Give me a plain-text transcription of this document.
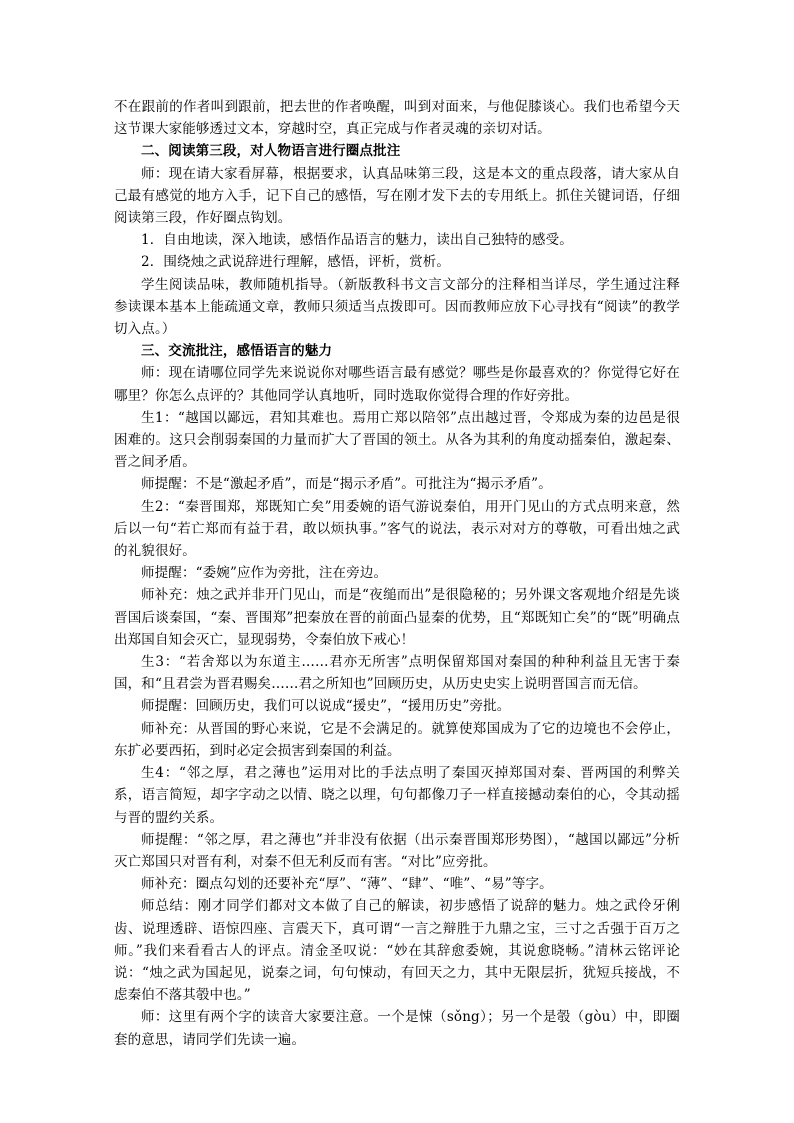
不在跟前的作者叫到跟前，把去世的作者唤醒，叫到对面来，与他促膝谈心。我们也希望今天这节课大家能够透过文本，穿越时空，真正完成与作者灵魂的亲切对话。

二、阅读第三段，对人物语言进行圈点批注

师：现在请大家看屏幕，根据要求，认真品味第三段，这是本文的重点段落，请大家从自己最有感觉的地方入手，记下自己的感悟，写在刚才发下去的专用纸上。抓住关键词语，仔细阅读第三段，作好圈点钩划。

1．自由地读，深入地读，感悟作品语言的魅力，读出自己独特的感受。

2．围绕烛之武说辞进行理解，感悟，评析，赏析。

学生阅读品味，教师随机指导。（新版教科书文言文部分的注释相当详尽，学生通过注释参读课本基本上能疏通文章，教师只须适当点拨即可。因而教师应放下心寻找有“阅读”的教学切入点。）

三、交流批注，感悟语言的魅力

师：现在请哪位同学先来说说你对哪些语言最有感觉？哪些是你最喜欢的？你觉得它好在哪里？你怎么点评的？其他同学认真地听，同时选取你觉得合理的作好旁批。

生1：“越国以鄙远，君知其难也。焉用亡郑以陪邻”点出越过晋，令郑成为秦的边邑是很困难的。这只会削弱秦国的力量而扩大了晋国的领土。从各为其利的角度动摇秦伯，激起秦、晋之间矛盾。

师提醒：不是“激起矛盾”，而是“揭示矛盾”。可批注为“揭示矛盾”。

生2：“秦晋围郑，郑既知亡矣”用委婉的语气游说秦伯，用开门见山的方式点明来意，然后以一句“若亡郑而有益于君，敢以烦执事。”客气的说法，表示对对方的尊敬，可看出烛之武的礼貌很好。

师提醒：“委婉”应作为旁批，注在旁边。

师补充：烛之武并非开门见山，而是“夜缒而出”是很隐秘的；另外课文客观地介绍是先谈晋国后谈秦国，“秦、晋围郑”把秦放在晋的前面凸显秦的优势，且“郑既知亡矣”的“既”明确点出郑国自知会灭亡，显现弱势，令秦伯放下戒心！

生3：“若舍郑以为东道主……君亦无所害”点明保留郑国对秦国的种种利益且无害于秦国，和“且君尝为晋君赐矣……君之所知也”回顾历史，从历史史实上说明晋国言而无信。

师提醒：回顾历史，我们可以说成“援史”，“援用历史”旁批。

师补充：从晋国的野心来说，它是不会满足的。就算使郑国成为了它的边境也不会停止，东扩必要西拓，到时必定会损害到秦国的利益。

生4：“邻之厚，君之薄也”运用对比的手法点明了秦国灭掉郑国对秦、晋两国的利弊关系，语言简短，却字字动之以情、晓之以理，句句都像刀子一样直接撼动秦伯的心，令其动摇与晋的盟约关系。

师提醒：“邻之厚，君之薄也”并非没有依据（出示秦晋围郑形势图），“越国以鄙远”分析灭亡郑国只对晋有利，对秦不但无利反而有害。“对比”应旁批。

师补充：圈点勾划的还要补充“厚”、“薄”、“肆”、“唯”、“易”等字。

师总结：刚才同学们都对文本做了自己的解读，初步感悟了说辞的魅力。烛之武伶牙俐齿、说理透辟、语惊四座、言震天下，真可谓“一言之辩胜于九鼎之宝，三寸之舌强于百万之师。”我们来看看古人的评点。清金圣叹说：“妙在其辞愈委婉，其说愈晓畅。”清林云铭评论说：“烛之武为国起见，说秦之词，句句悚动，有回天之力，其中无限层折，犹短兵接战，不虑秦伯不落其彀中也。”

师：这里有两个字的读音大家要注意。一个是悚（sǒng）；另一个是彀（gòu）中，即圈套的意思，请同学们先读一遍。
